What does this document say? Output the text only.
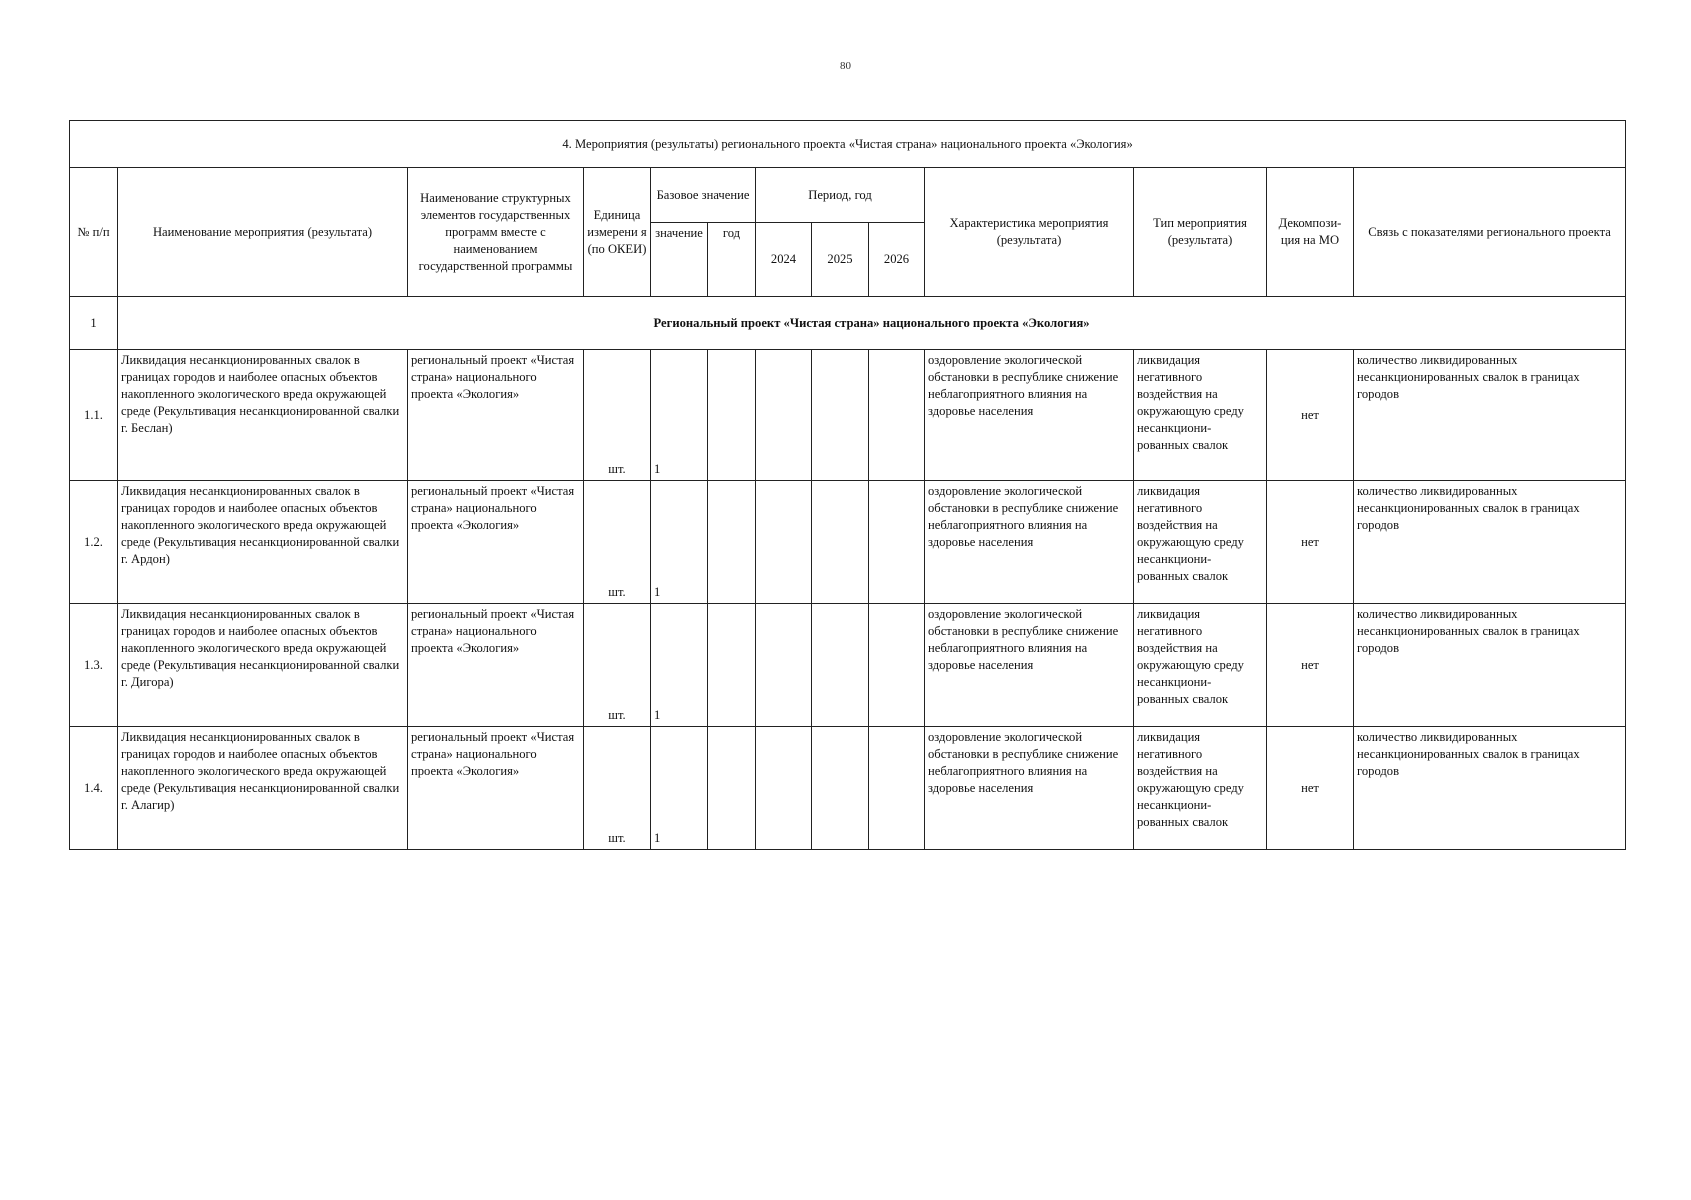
80
4. Мероприятия (результаты) регионального проекта «Чистая страна» национального проекта «Экология»												
№ п/п	Наименование мероприятия (результата)	Наименование структурных элементов государственных программ вместе с наименованием государственной программы	Единица измерени я (по ОКЕИ)	Базовое значение		Период, год			Характеристика мероприятия (результата)	Тип мероприятия (результата)	Декомпози-ция на МО	Связь с показателями регионального проекта
				значение	год	2024	2025	2026				
1	Региональный проект «Чистая страна» национального проекта «Экология»											
1.1.	Ликвидация несанкционированных свалок в границах городов и наиболее опасных объектов накопленного экологического вреда окружающей среде (Рекультивация несанкционированной свалки г. Беслан)	региональный проект «Чистая страна» национального проекта «Экология»	шт.	1					оздоровление экологической обстановки в республике снижение неблагоприятного влияния на здоровье населения	ликвидация негативного воздействия на окружающую среду несанкциони-рованных свалок	нет	количество ликвидированных несанкционированных свалок в границах городов
1.2.	Ликвидация несанкционированных свалок в границах городов и наиболее опасных объектов накопленного экологического вреда окружающей среде (Рекультивация несанкционированной свалки г. Ардон)	региональный проект «Чистая страна» национального проекта «Экология»	шт.	1					оздоровление экологической обстановки в республике снижение неблагоприятного влияния на здоровье населения	ликвидация негативного воздействия на окружающую среду несанкциони-рованных свалок	нет	количество ликвидированных несанкционированных свалок в границах городов
1.3.	Ликвидация несанкционированных свалок в границах городов и наиболее опасных объектов накопленного экологического вреда окружающей среде (Рекультивация несанкционированной свалки г. Дигора)	региональный проект «Чистая страна» национального проекта «Экология»	шт.	1					оздоровление экологической обстановки в республике снижение неблагоприятного влияния на здоровье населения	ликвидация негативного воздействия на окружающую среду несанкциони-рованных свалок	нет	количество ликвидированных несанкционированных свалок в границах городов
1.4.	Ликвидация несанкционированных свалок в границах городов и наиболее опасных объектов накопленного экологического вреда окружающей среде (Рекультивация несанкционированной свалки г. Алагир)	региональный проект «Чистая страна» национального проекта «Экология»	шт.	1					оздоровление экологической обстановки в республике снижение неблагоприятного влияния на здоровье населения	ликвидация негативного воздействия на окружающую среду несанкциони-рованных свалок	нет	количество ликвидированных несанкционированных свалок в границах городов
